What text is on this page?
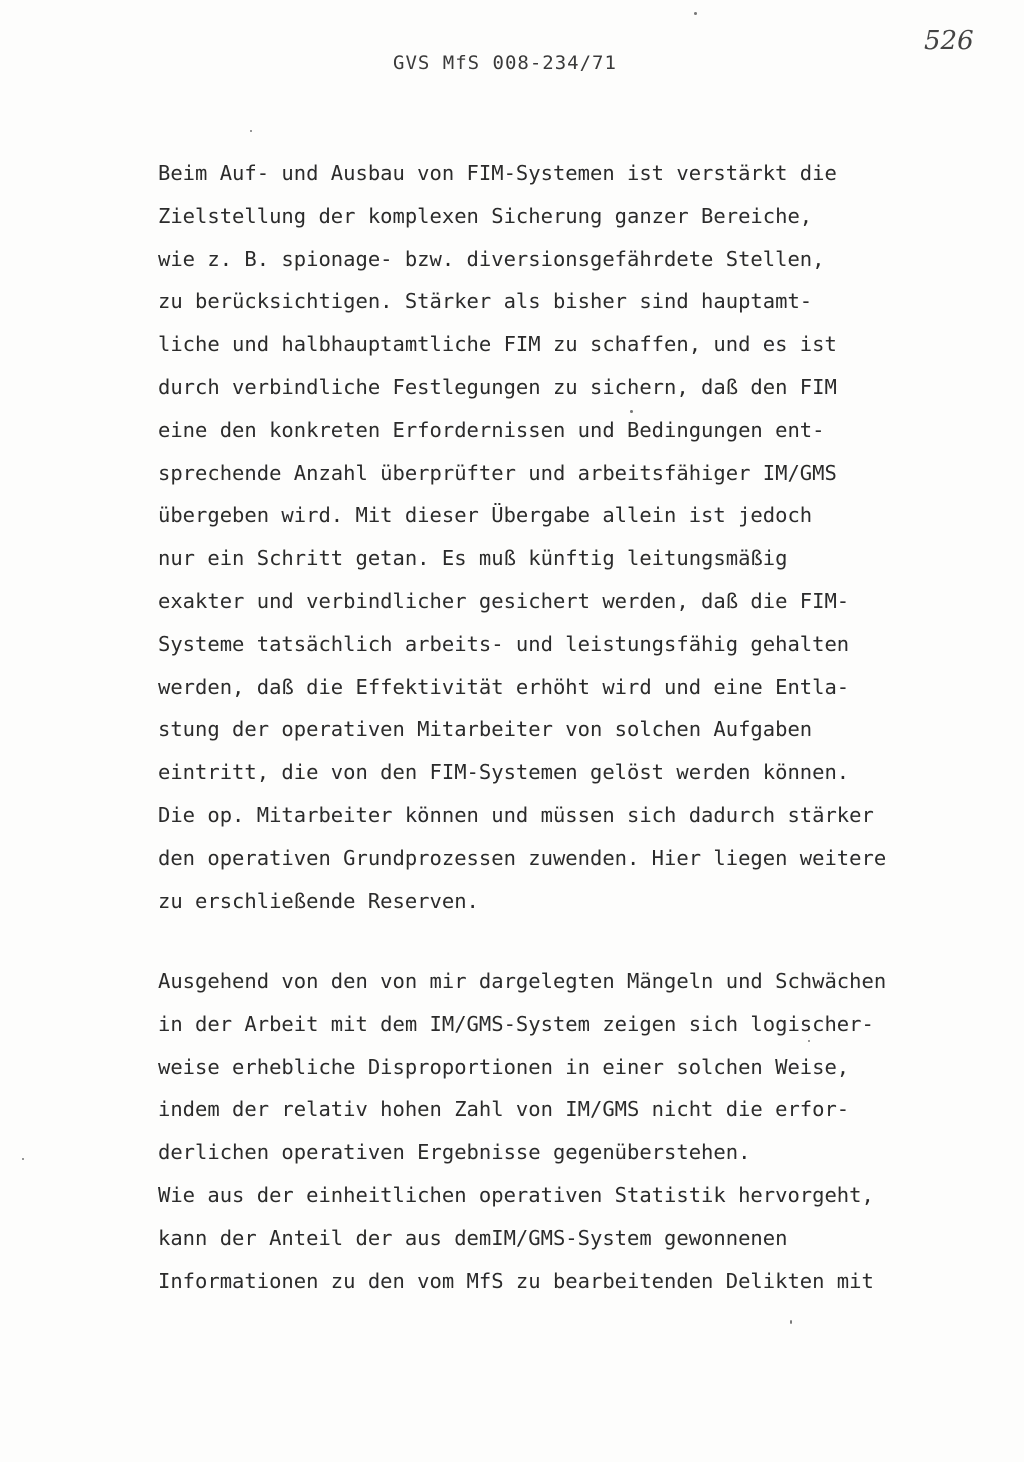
GVS MfS 008-234/71
526
Beim Auf- und Ausbau von FIM-Systemen ist verstärkt die
Zielstellung der komplexen Sicherung ganzer Bereiche,
wie z. B. spionage- bzw. diversionsgefährdete Stellen,
zu berücksichtigen. Stärker als bisher sind hauptamt-
liche und halbhauptamtliche FIM zu schaffen, und es ist
durch verbindliche Festlegungen zu sichern, daß den FIM
eine den konkreten Erfordernissen und Bedingungen ent-
sprechende Anzahl überprüfter und arbeitsfähiger IM/GMS
übergeben wird. Mit dieser Übergabe allein ist jedoch
nur ein Schritt getan. Es muß künftig leitungsmäßig
exakter und verbindlicher gesichert werden, daß die FIM-
Systeme tatsächlich arbeits- und leistungsfähig gehalten
werden, daß die Effektivität erhöht wird und eine Entla-
stung der operativen Mitarbeiter von solchen Aufgaben
eintritt, die von den FIM-Systemen gelöst werden können.
Die op. Mitarbeiter können und müssen sich dadurch stärker
den operativen Grundprozessen zuwenden. Hier liegen weitere
zu erschließende Reserven.
Ausgehend von den von mir dargelegten Mängeln und Schwächen
in der Arbeit mit dem IM/GMS-System zeigen sich logischer-
weise erhebliche Disproportionen in einer solchen Weise,
indem der relativ hohen Zahl von IM/GMS nicht die erfor-
derlichen operativen Ergebnisse gegenüberstehen.
Wie aus der einheitlichen operativen Statistik hervorgeht,
kann der Anteil der aus demIM/GMS-System gewonnenen
Informationen zu den vom MfS zu bearbeitenden Delikten mit
